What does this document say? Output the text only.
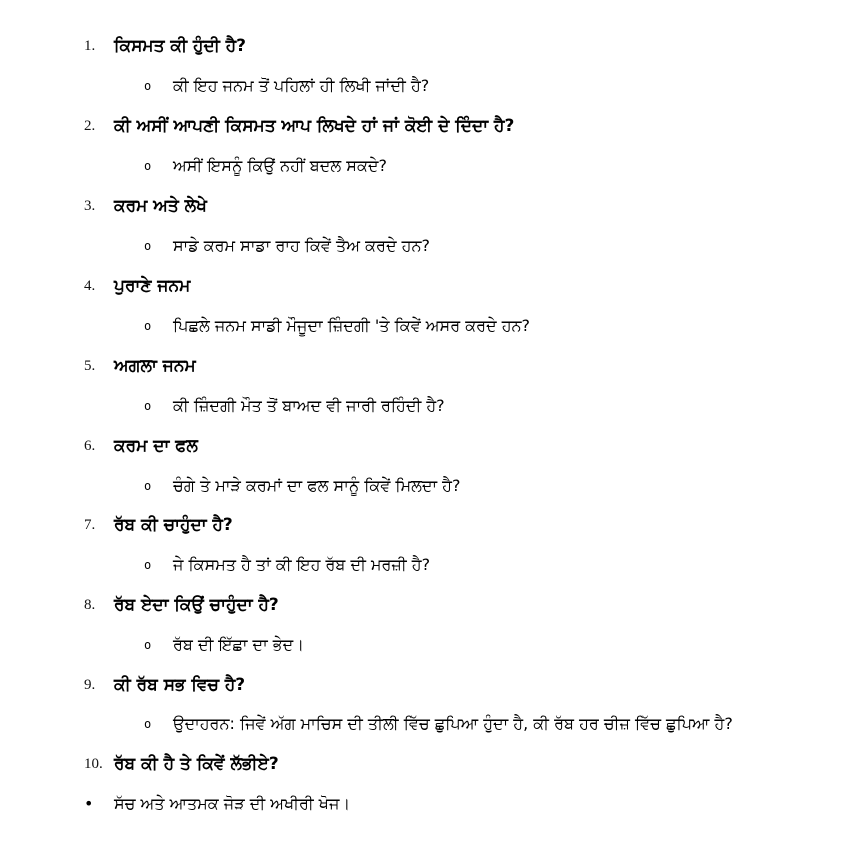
1. ਕਿਸਮਤ ਕੀ ਹੁੰਦੀ ਹੈ?
o ਕੀ ਇਹ ਜਨਮ ਤੋਂ ਪਹਿਲਾਂ ਹੀ ਲਿਖੀ ਜਾਂਦੀ ਹੈ?
2. ਕੀ ਅਸੀਂ ਆਪਣੀ ਕਿਸਮਤ ਆਪ ਲਿਖਦੇ ਹਾਂ ਜਾਂ ਕੋਈ ਦੇ ਦਿੰਦਾ ਹੈ?
o ਅਸੀਂ ਇਸਨੂੰ ਕਿਉਂ ਨਹੀਂ ਬਦਲ ਸਕਦੇ?
3. ਕਰਮ ਅਤੇ ਲੇਖੇ
o ਸਾਡੇ ਕਰਮ ਸਾਡਾ ਰਾਹ ਕਿਵੇਂ ਤੈਅ ਕਰਦੇ ਹਨ?
4. ਪੁਰਾਣੇ ਜਨਮ
o ਪਿਛਲੇ ਜਨਮ ਸਾਡੀ ਮੌਜੂਦਾ ਜ਼ਿੰਦਗੀ 'ਤੇ ਕਿਵੇਂ ਅਸਰ ਕਰਦੇ ਹਨ?
5. ਅਗਲਾ ਜਨਮ
o ਕੀ ਜ਼ਿੰਦਗੀ ਮੌਤ ਤੋਂ ਬਾਅਦ ਵੀ ਜਾਰੀ ਰਹਿੰਦੀ ਹੈ?
6. ਕਰਮ ਦਾ ਫਲ
o ਚੰਗੇ ਤੇ ਮਾੜੇ ਕਰਮਾਂ ਦਾ ਫਲ ਸਾਨੂੰ ਕਿਵੇਂ ਮਿਲਦਾ ਹੈ?
7. ਰੱਬ ਕੀ ਚਾਹੁੰਦਾ ਹੈ?
o ਜੇ ਕਿਸਮਤ ਹੈ ਤਾਂ ਕੀ ਇਹ ਰੱਬ ਦੀ ਮਰਜ਼ੀ ਹੈ?
8. ਰੱਬ ਏਦਾ ਕਿਉਂ ਚਾਹੁੰਦਾ ਹੈ?
o ਰੱਬ ਦੀ ਇੱਛਾ ਦਾ ਭੇਦ।
9. ਕੀ ਰੱਬ ਸਭ ਵਿਚ ਹੈ?
o ਉਦਾਹਰਨ: ਜਿਵੇਂ ਅੱਗ ਮਾਚਿਸ ਦੀ ਤੀਲੀ ਵਿੱਚ ਛੁਪਿਆ ਹੁੰਦਾ ਹੈ, ਕੀ ਰੱਬ ਹਰ ਚੀਜ਼ ਵਿੱਚ ਛੁਪਿਆ ਹੈ?
10. ਰੱਬ ਕੀ ਹੈ ਤੇ ਕਿਵੇਂ ਲੱਭੀਏ?
• ਸੱਚ ਅਤੇ ਆਤਮਕ ਜੋੜ ਦੀ ਅਖੀਰੀ ਖੋਜ।
